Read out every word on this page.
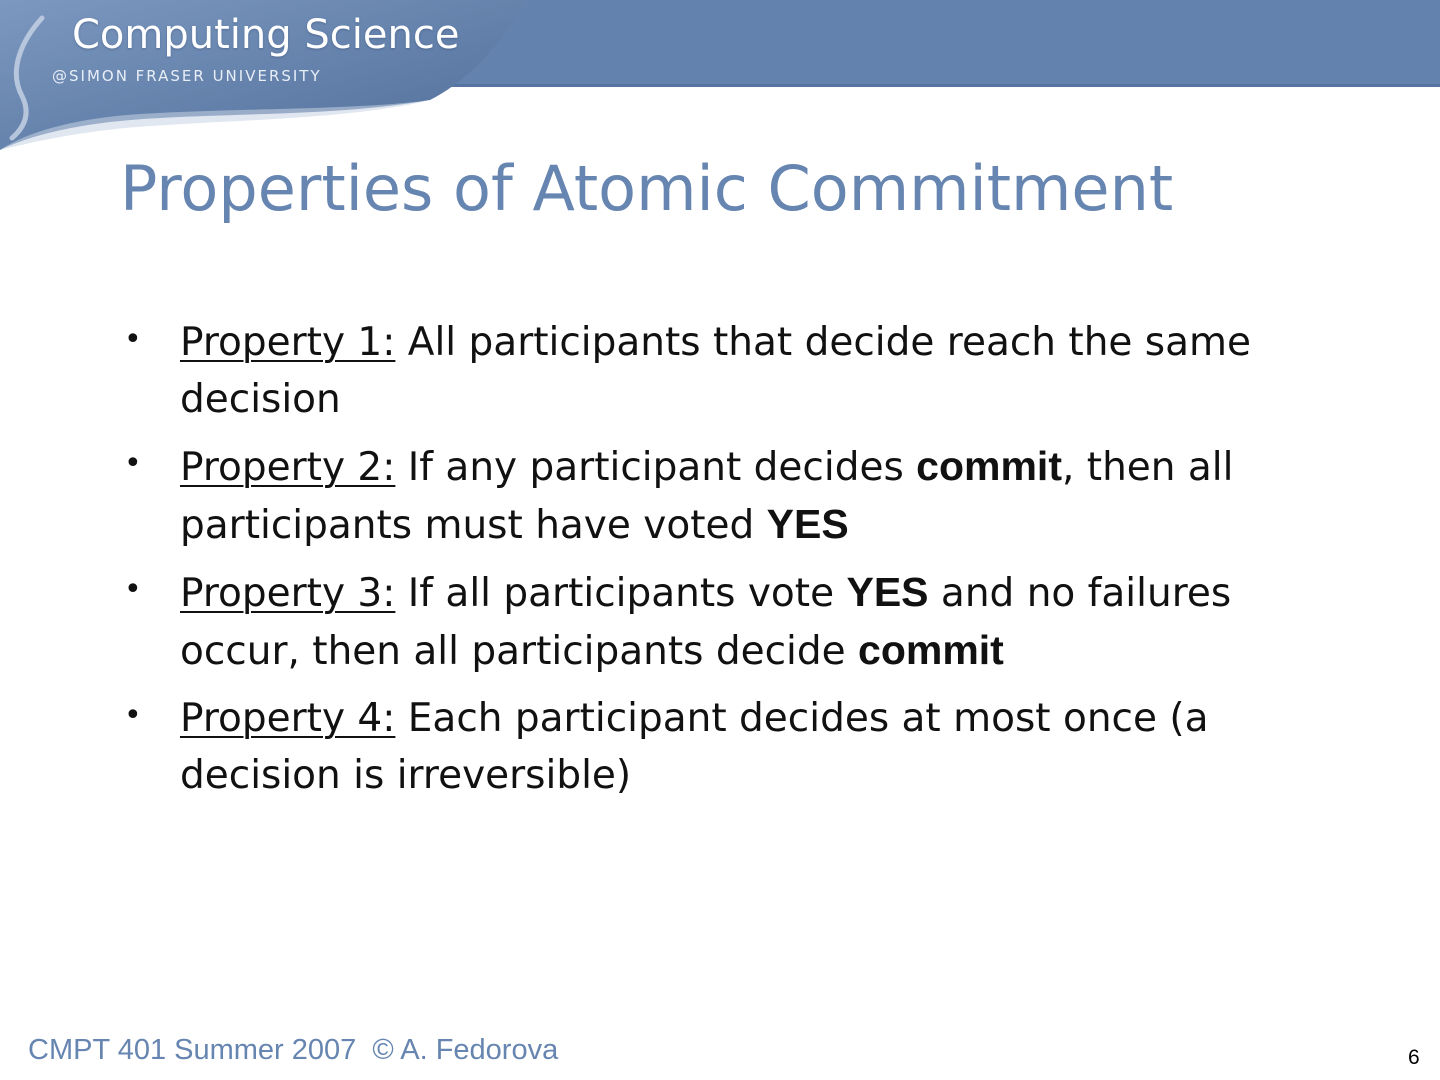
Computing Science
@SIMON FRASER UNIVERSITY
Properties of Atomic Commitment
• Property 1: All participants that decide reach the same decision
• Property 2: If any participant decides commit, then all participants must have voted YES
• Property 3: If all participants vote YES and no failures occur, then all participants decide commit
• Property 4: Each participant decides at most once (a decision is irreversible)
CMPT 401 Summer 2007 © A. Fedorova	6
